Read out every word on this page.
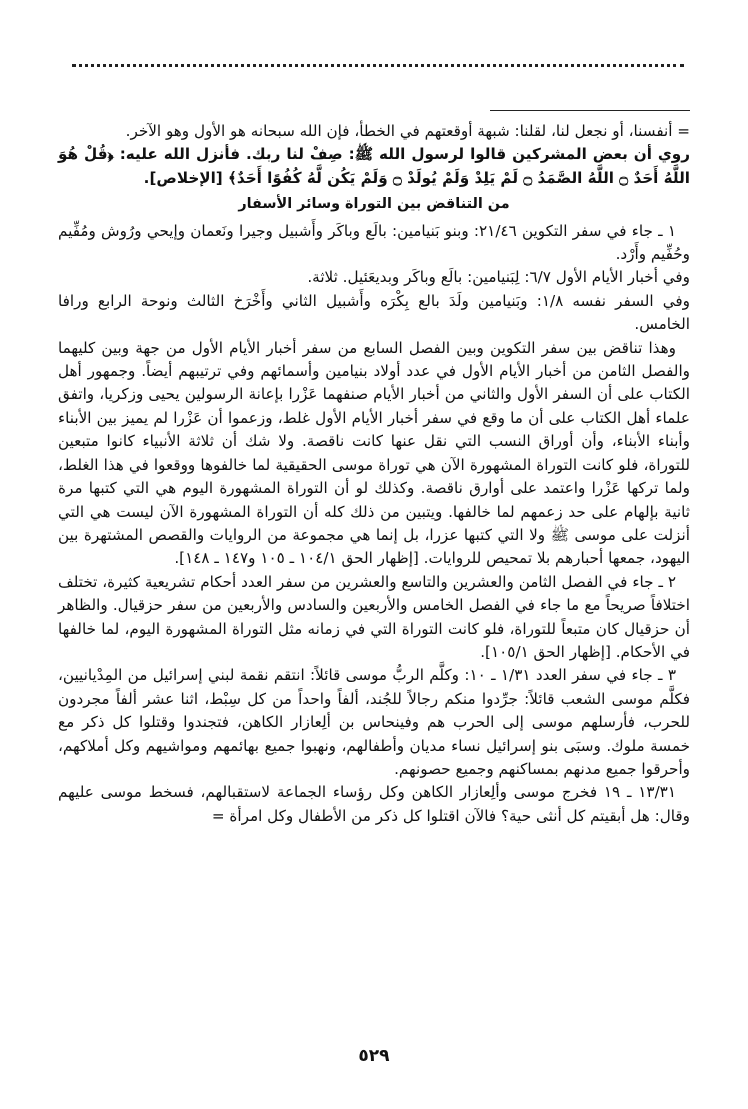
= أنفسنا، أو نجعل لنا، لقلنا: شبهة أوقعتهم في الخطأ، فإن الله سبحانه هو الأول وهو الآخر.

روي أن بعض المشركين قالوا لرسول الله ﷺ: صِفْ لنا ربك. فأنزل الله عليه: ﴿قُلْ هُوَ اللَّهُ أَحَدٌ ۝ اللَّهُ الصَّمَدُ ۝ لَمْ يَلِدْ وَلَمْ يُولَدْ ۝ وَلَمْ يَكُن لَّهُ كُفُوًا أَحَدٌ﴾ [الإخلاص].

من التناقض بين التوراة وسائر الأسفار

١ ـ جاء في سفر التكوين ٢١/٤٦: وبنو بَنيامين: بالَع وباكَر وأَشبيل وجيرا ونَعمان وإيحي ورُوش ومُفِّيم وحُفِّيم وأَرْد.

وفي أخبار الأيام الأول ٦/٧: لِبَنيامين: بالَع وباكَر وبديعَئيل. ثلاثة.

وفي السفر نفسه ١/٨: وبَنيامين ولَدَ بالع بِكْرَه وأَشبيل الثاني وأَخْرَخ الثالث ونوحة الرابع ورافا الخامس.

وهذا تناقض بين سفر التكوين وبين الفصل السابع من سفر أخبار الأيام الأول من جهة وبين كليهما والفصل الثامن من أخبار الأيام الأول في عدد أولاد بنيامين وأسمائهم وفي ترتيبهم أيضاً. وجمهور أهل الكتاب على أن السفر الأول والثاني من أخبار الأيام صنفهما عَزْرا بإعانة الرسولين يحيى وزكريا، واتفق علماء أهل الكتاب على أن ما وقع في سفر أخبار الأيام الأول غلط، وزعموا أن عَزْرا لم يميز بين الأبناء وأبناء الأبناء، وأن أوراق النسب التي نقل عنها كانت ناقصة. ولا شك أن ثلاثة الأنبياء كانوا متبعين للتوراة، فلو كانت التوراة المشهورة الآن هي توراة موسى الحقيقية لما خالفوها ووقعوا في هذا الغلط، ولما تركها عَزْرا واعتمد على أوارق ناقصة. وكذلك لو أن التوراة المشهورة اليوم هي التي كتبها مرة ثانية بإلهام على حد زعمهم لما خالفها. ويتبين من ذلك كله أن التوراة المشهورة الآن ليست هي التي أنزلت على موسى ﷺ ولا التي كتبها عزرا، بل إنما هي مجموعة من الروايات والقصص المشتهرة بين اليهود، جمعها أحبارهم بلا تمحيص للروايات. [إظهار الحق ١٠٤/١ ـ ١٠٥ و١٤٧ ـ ١٤٨].

٢ ـ جاء في الفصل الثامن والعشرين والتاسع والعشرين من سفر العدد أحكام تشريعية كثيرة، تختلف اختلافاً صريحاً مع ما جاء في الفصل الخامس والأربعين والسادس والأربعين من سفر حزقيال. والظاهر أن حزقيال كان متبعاً للتوراة، فلو كانت التوراة التي في زمانه مثل التوراة المشهورة اليوم، لما خالفها في الأحكام. [إظهار الحق ١٠٥/١].

٣ ـ جاء في سفر العدد ١/٣١ ـ ١٠: وكلَّم الربُّ موسى قائلاً: انتقم نقمة لبني إسرائيل من المِدْيانيين، فكلَّم موسى الشعب قائلاً: جرِّدوا منكم رجالاً للجُند، ألفاً واحداً من كل سِبْط، اثنا عشر ألفاً مجردون للحرب، فأرسلهم موسى إلى الحرب هم وفينحاس بن ألِعازار الكاهن، فتجندوا وقتلوا كل ذكر مع خمسة ملوك. وسبَى بنو إسرائيل نساء مديان وأطفالهم، ونهبوا جميع بهائمهم ومواشيهم وكل أملاكهم، وأحرقوا جميع مدنهم بمساكنهم وجميع حصونهم.

١٣/٣١ ـ ١٩ فخرج موسى وألِعازار الكاهن وكل رؤساء الجماعة لاستقبالهم، فسخط موسى عليهم وقال: هل أبقيتم كل أنثى حية؟ فالآن اقتلوا كل ذكر من الأطفال وكل امرأة =

٥٢٩
